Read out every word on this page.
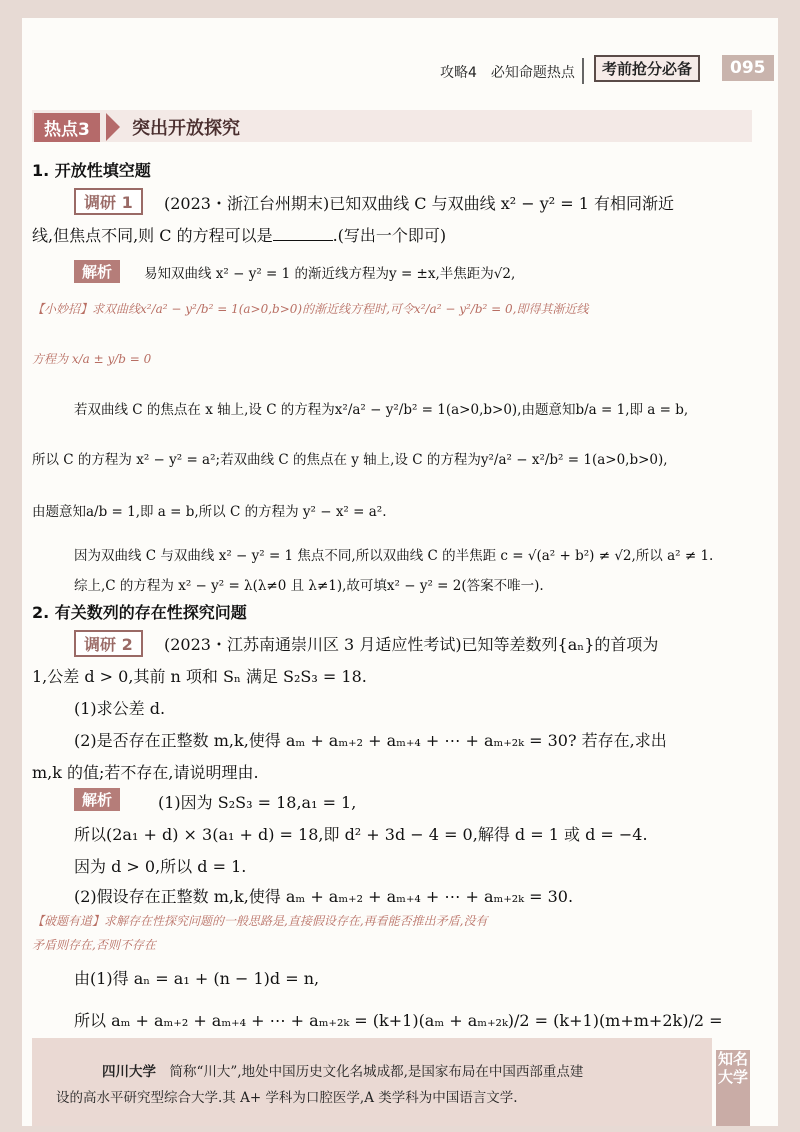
攻略4　必知命题热点	考前抢分必备	095
热点3	突出开放探究
1. 开放性填空题
调研 1	(2023・浙江台州期末)已知双曲线 C 与双曲线 x² − y² = 1 有相同渐近
线,但焦点不同,则 C 的方程可以是	.(写出一个即可)
解析	易知双曲线 x² − y² = 1 的渐近线方程为y = ±x,半焦距为√2,
【小妙招】求双曲线x²/a² − y²/b² = 1(a>0,b>0)的渐近线方程时,可令x²/a² − y²/b² = 0,即得其渐近线
方程为 x/a ± y/b = 0
若双曲线 C 的焦点在 x 轴上,设 C 的方程为x²/a² − y²/b² = 1(a>0,b>0),由题意知b/a = 1,即 a = b,
所以 C 的方程为 x² − y² = a²;若双曲线 C 的焦点在 y 轴上,设 C 的方程为y²/a² − x²/b² = 1(a>0,b>0),
由题意知a/b = 1,即 a = b,所以 C 的方程为 y² − x² = a².
因为双曲线 C 与双曲线 x² − y² = 1 焦点不同,所以双曲线 C 的半焦距 c = √(a² + b²) ≠ √2,所以 a² ≠ 1.
综上,C 的方程为 x² − y² = λ(λ≠0 且 λ≠1),故可填x² − y² = 2(答案不唯一).
2. 有关数列的存在性探究问题
调研 2	(2023・江苏南通崇川区 3 月适应性考试)已知等差数列{aₙ}的首项为
1,公差 d > 0,其前 n 项和 Sₙ 满足 S₂S₃ = 18.
(1)求公差 d.
(2)是否存在正整数 m,k,使得 aₘ + aₘ₊₂ + aₘ₊₄ + ⋯ + aₘ₊₂ₖ = 30? 若存在,求出
m,k 的值;若不存在,请说明理由.
解析	(1)因为 S₂S₃ = 18,a₁ = 1,
所以(2a₁ + d) × 3(a₁ + d) = 18,即 d² + 3d − 4 = 0,解得 d = 1 或 d = −4.
因为 d > 0,所以 d = 1.
(2)假设存在正整数 m,k,使得 aₘ + aₘ₊₂ + aₘ₊₄ + ⋯ + aₘ₊₂ₖ = 30.
【破题有道】求解存在性探究问题的一般思路是,直接假设存在,再看能否推出矛盾,没有
矛盾则存在,否则不存在
由(1)得 aₙ = a₁ + (n − 1)d = n,
所以 aₘ + aₘ₊₂ + aₘ₊₄ + ⋯ + aₘ₊₂ₖ = (k+1)(aₘ + aₘ₊₂ₖ)/2 = (k+1)(m+m+2k)/2 =
四川大学　 简称“川大”,地处中国历史文化名城成都,是国家布局在中国西部重点建
设的高水平研究型综合大学.其 A+ 学科为口腔医学,A 类学科为中国语言文学.
知名大学
